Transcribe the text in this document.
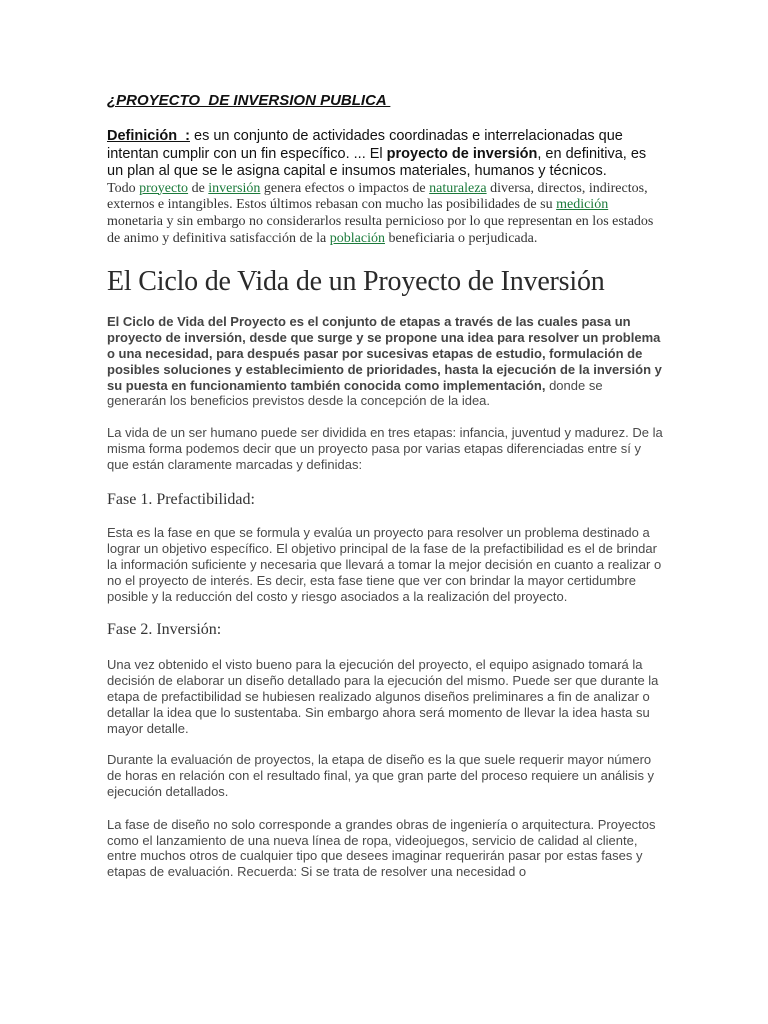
¿PROYECTO  DE INVERSION PUBLICA

Definición  : es un conjunto de actividades coordinadas e interrelacionadas que intentan cumplir con un fin específico. ... El proyecto de inversión, en definitiva, es un plan al que se le asigna capital e insumos materiales, humanos y técnicos.

Todo proyecto de inversión genera efectos o impactos de naturaleza diversa, directos, indirectos, externos e intangibles. Estos últimos rebasan con mucho las posibilidades de su medición monetaria y sin embargo no considerarlos resulta pernicioso por lo que representan en los estados de animo y definitiva satisfacción de la población beneficiaria o perjudicada.

El Ciclo de Vida de un Proyecto de Inversión

El Ciclo de Vida del Proyecto es el conjunto de etapas a través de las cuales pasa un proyecto de inversión, desde que surge y se propone una idea para resolver un problema o una necesidad, para después pasar por sucesivas etapas de estudio, formulación de posibles soluciones y establecimiento de prioridades, hasta la ejecución de la inversión y su puesta en funcionamiento también conocida como implementación, donde se generarán los beneficios previstos desde la concepción de la idea.

La vida de un ser humano puede ser dividida en tres etapas: infancia, juventud y madurez. De la misma forma podemos decir que un proyecto pasa por varias etapas diferenciadas entre sí y que están claramente marcadas y definidas:

Fase 1. Prefactibilidad:

Esta es la fase en que se formula y evalúa un proyecto para resolver un problema destinado a lograr un objetivo específico. El objetivo principal de la fase de la prefactibilidad es el de brindar la información suficiente y necesaria que llevará a tomar la mejor decisión en cuanto a realizar o no el proyecto de interés. Es decir, esta fase tiene que ver con brindar la mayor certidumbre posible y la reducción del costo y riesgo asociados a la realización del proyecto.

Fase 2. Inversión:

Una vez obtenido el visto bueno para la ejecución del proyecto, el equipo asignado tomará la decisión de elaborar un diseño detallado para la ejecución del mismo. Puede ser que durante la etapa de prefactibilidad se hubiesen realizado algunos diseños preliminares a fin de analizar o detallar la idea que lo sustentaba. Sin embargo ahora será momento de llevar la idea hasta su mayor detalle.

Durante la evaluación de proyectos, la etapa de diseño es la que suele requerir mayor número de horas en relación con el resultado final, ya que gran parte del proceso requiere un análisis y ejecución detallados.

La fase de diseño no solo corresponde a grandes obras de ingeniería o arquitectura. Proyectos como el lanzamiento de una nueva línea de ropa, videojuegos, servicio de calidad al cliente, entre muchos otros de cualquier tipo que desees imaginar requerirán pasar por estas fases y etapas de evaluación. Recuerda: Si se trata de resolver una necesidad o
